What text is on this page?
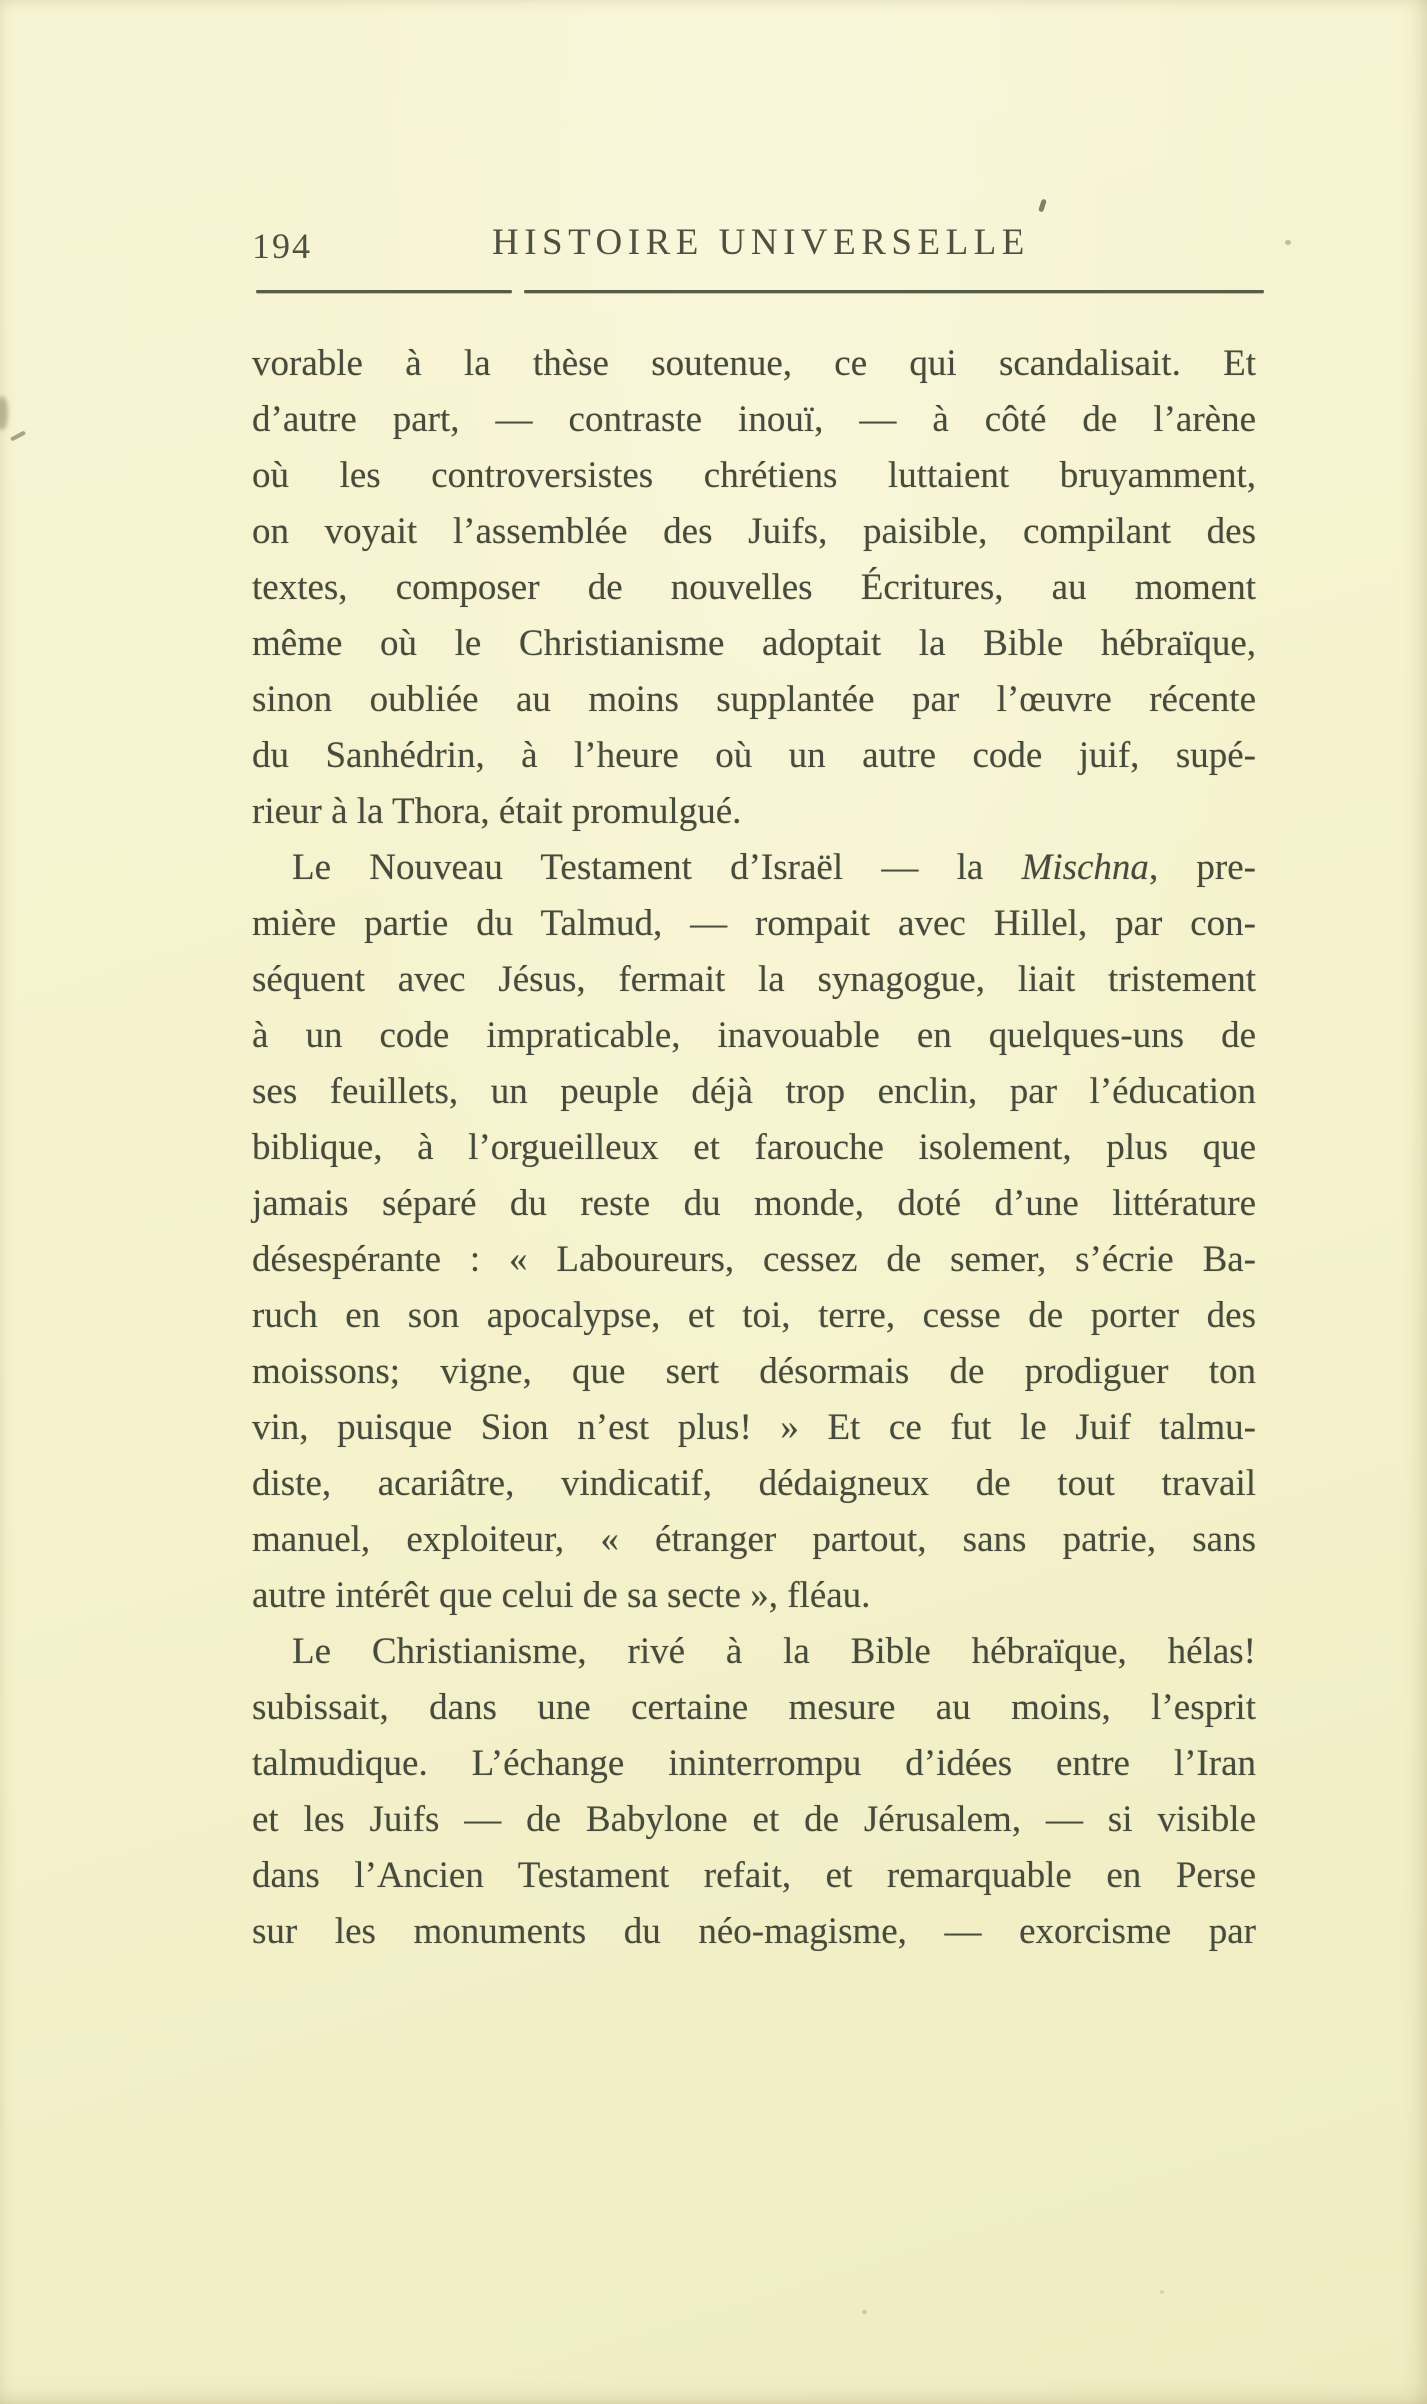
194	HISTOIRE UNIVERSELLE
vorable à la thèse soutenue, ce qui scandalisait. Et
d’autre part, — contraste inouï, — à côté de l’arène
où les controversistes chrétiens luttaient bruyamment,
on voyait l’assemblée des Juifs, paisible, compilant des
textes, composer de nouvelles Écritures, au moment
même où le Christianisme adoptait la Bible hébraïque,
sinon oubliée au moins supplantée par l’œuvre récente
du Sanhédrin, à l’heure où un autre code juif, supé-
rieur à la Thora, était promulgué.
Le Nouveau Testament d’Israël — la Mischna, pre-
mière partie du Talmud, — rompait avec Hillel, par con-
séquent avec Jésus, fermait la synagogue, liait tristement
à un code impraticable, inavouable en quelques-uns de
ses feuillets, un peuple déjà trop enclin, par l’éducation
biblique, à l’orgueilleux et farouche isolement, plus que
jamais séparé du reste du monde, doté d’une littérature
désespérante : « Laboureurs, cessez de semer, s’écrie Ba-
ruch en son apocalypse, et toi, terre, cesse de porter des
moissons; vigne, que sert désormais de prodiguer ton
vin, puisque Sion n’est plus! » Et ce fut le Juif talmu-
diste, acariâtre, vindicatif, dédaigneux de tout travail
manuel, exploiteur, « étranger partout, sans patrie, sans
autre intérêt que celui de sa secte », fléau.
Le Christianisme, rivé à la Bible hébraïque, hélas!
subissait, dans une certaine mesure au moins, l’esprit
talmudique. L’échange ininterrompu d’idées entre l’Iran
et les Juifs — de Babylone et de Jérusalem, — si visible
dans l’Ancien Testament refait, et remarquable en Perse
sur les monuments du néo-magisme, — exorcisme par
